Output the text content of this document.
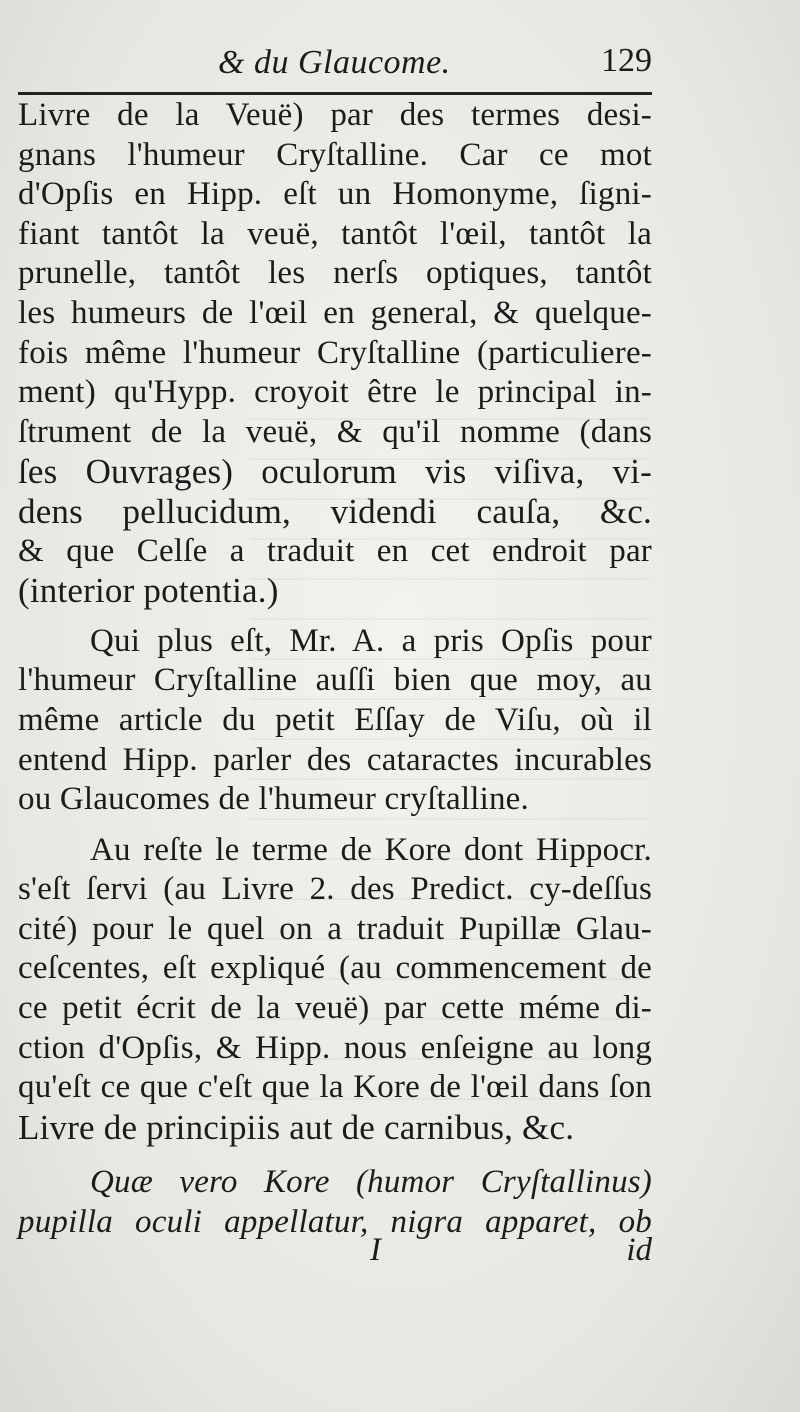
& du Glaucome.	129
Livre de la Veuë) par des termes desi-
gnans l'humeur Cryſtalline. Car ce mot
d'Opſis en Hipp. eſt un Homonyme, ſigni-
fiant tantôt la veuë, tantôt l'œil, tantôt la
prunelle, tantôt les nerſs optiques, tantôt
les humeurs de l'œil en general, & quelque-
fois même l'humeur Cryſtalline (particuliere-
ment) qu'Hypp. croyoit être le principal in-
ſtrument de la veuë, & qu'il nomme (dans
ſes Ouvrages) oculorum vis viſiva, vi-
dens pellucidum, videndi cauſa, &c.
& que Celſe a traduit en cet endroit par
(interior potentia.)
Qui plus eſt, Mr. A. a pris Opſis pour
l'humeur Cryſtalline auſſi bien que moy, au
même article du petit Eſſay de Viſu, où il
entend Hipp. parler des cataractes incurables
ou Glaucomes de l'humeur cryſtalline.
Au reſte le terme de Kore dont Hippocr.
s'eſt ſervi (au Livre 2. des Predict. cy-deſſus
cité) pour le quel on a traduit Pupillæ Glau-
ceſcentes, eſt expliqué (au commencement de
ce petit écrit de la veuë) par cette méme di-
ction d'Opſis, & Hipp. nous enſeigne au long
qu'eſt ce que c'eſt que la Kore de l'œil dans ſon
Livre de principiis aut de carnibus, &c.
Quæ vero Kore (humor Cryſtallinus)
pupilla oculi appellatur, nigra apparet, ob
I	id
